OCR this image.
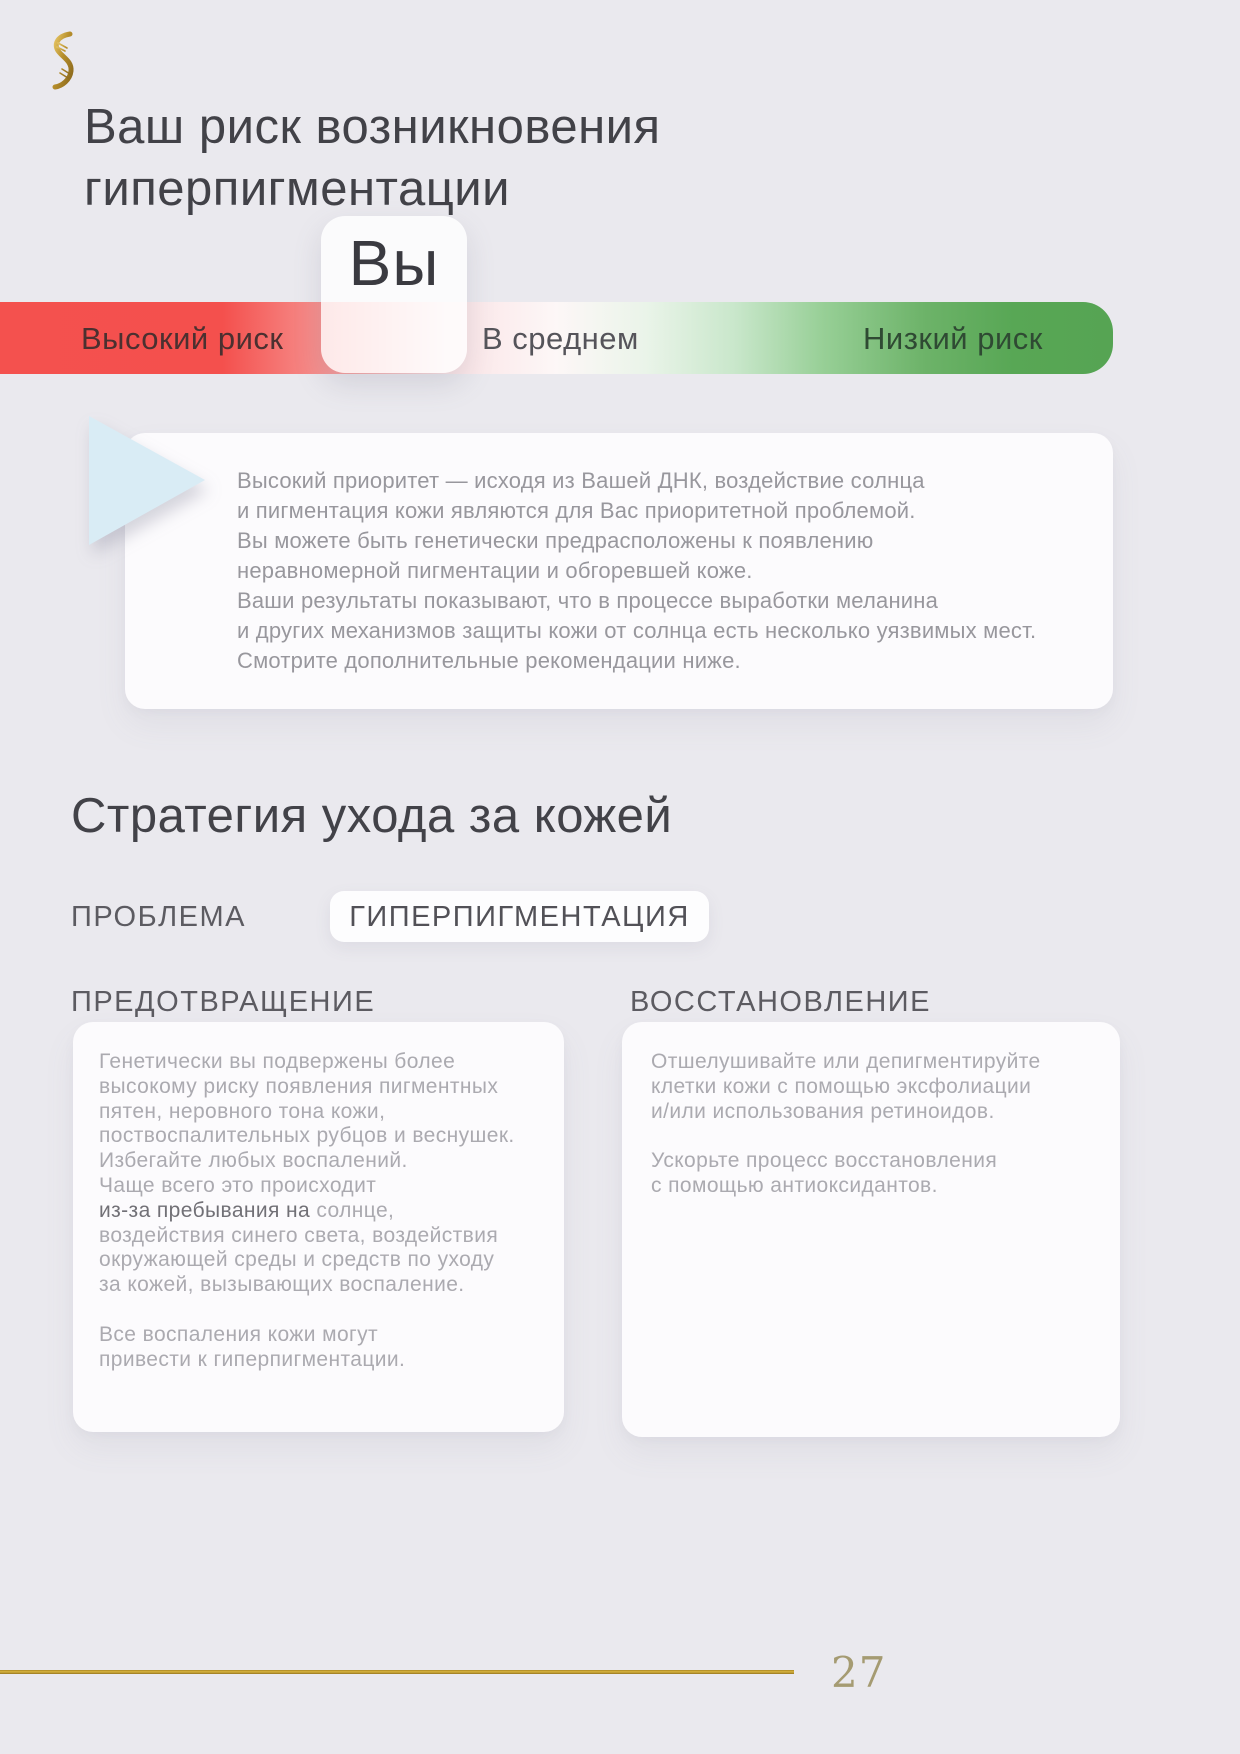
Ваш риск возникновения
гиперпигментации
Высокий риск	В среднем	Низкий риск
Вы
Высокий приоритет — исходя из Вашей ДНК, воздействие солнца
и пигментация кожи являются для Вас приоритетной проблемой.
Вы можете быть генетически предрасположены к появлению
неравномерной пигментации и обгоревшей коже.
Ваши результаты показывают, что в процессе выработки меланина
и других механизмов защиты кожи от солнца есть несколько уязвимых мест.
Смотрите дополнительные рекомендации ниже.
Стратегия ухода за кожей
ПРОБЛЕМА	ГИПЕРПИГМЕНТАЦИЯ
ПРЕДОТВРАЩЕНИЕ	ВОССТАНОВЛЕНИЕ
Генетически вы подвержены более
высокому риску появления пигментных
пятен, неровного тона кожи,
поствоспалительных рубцов и веснушек.
Избегайте любых воспалений.
Чаще всего это происходит
из-за пребывания на солнце,
воздействия синего света, воздействия
окружающей среды и средств по уходу
за кожей, вызывающих воспаление.

Все воспаления кожи могут
привести к гиперпигментации.
Отшелушивайте или депигментируйте
клетки кожи с помощью эксфолиации
и/или использования ретиноидов.

Ускорьте процесс восстановления
с помощью антиоксидантов.
27
